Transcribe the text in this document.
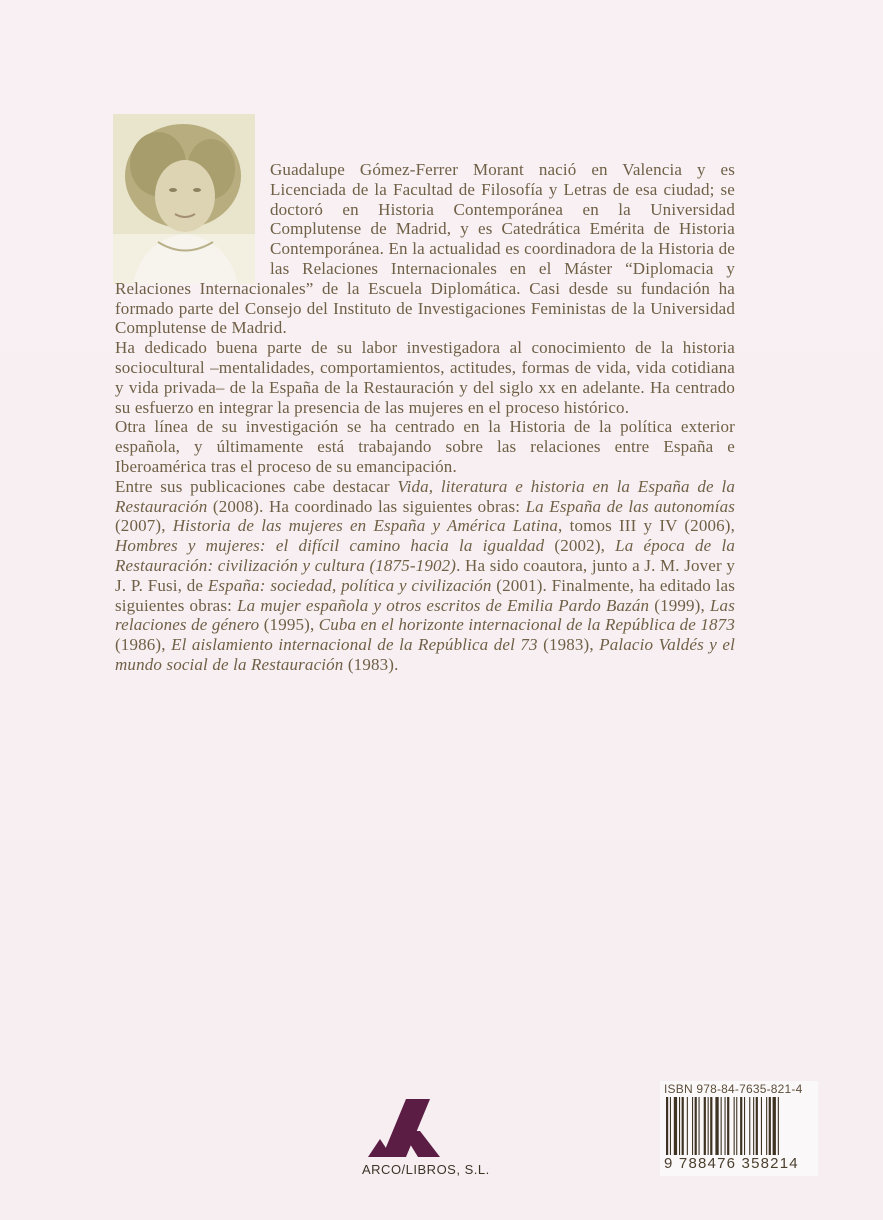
Guadalupe Gómez-Ferrer Morant nació en Valencia y es Licenciada de la Facultad de Filosofía y Letras de esa ciudad; se doctoró en Historia Contemporánea en la Universidad Complutense de Madrid, y es Catedrática Emérita de Historia Contemporánea. En la actualidad es coordinadora de la Historia de las Relaciones Internacionales en el Máster “Diplomacia y Relaciones Internacionales” de la Escuela Diplomática. Casi desde su fundación ha formado parte del Consejo del Instituto de Investigaciones Feministas de la Universidad Complutense de Madrid.

Ha dedicado buena parte de su labor investigadora al conocimiento de la historia sociocultural –mentalidades, comportamientos, actitudes, formas de vida, vida cotidiana y vida privada– de la España de la Restauración y del siglo xx en adelante. Ha centrado su esfuerzo en integrar la presencia de las mujeres en el proceso histórico.

Otra línea de su investigación se ha centrado en la Historia de la política exterior española, y últimamente está trabajando sobre las relaciones entre España e Iberoamérica tras el proceso de su emancipación.

Entre sus publicaciones cabe destacar Vida, literatura e historia en la España de la Restauración (2008). Ha coordinado las siguientes obras: La España de las autonomías (2007), Historia de las mujeres en España y América Latina, tomos III y IV (2006), Hombres y mujeres: el difícil camino hacia la igualdad (2002), La época de la Restauración: civilización y cultura (1875-1902). Ha sido coautora, junto a J. M. Jover y J. P. Fusi, de España: sociedad, política y civilización (2001). Finalmente, ha editado las siguientes obras: La mujer española y otros escritos de Emilia Pardo Bazán (1999), Las relaciones de género (1995), Cuba en el horizonte internacional de la República de 1873 (1986), El aislamiento internacional de la República del 73 (1983), Palacio Valdés y el mundo social de la Restauración (1983).

ARCO/LIBROS, S.L.
ISBN 978-84-7635-821-4
9 788476 358214
